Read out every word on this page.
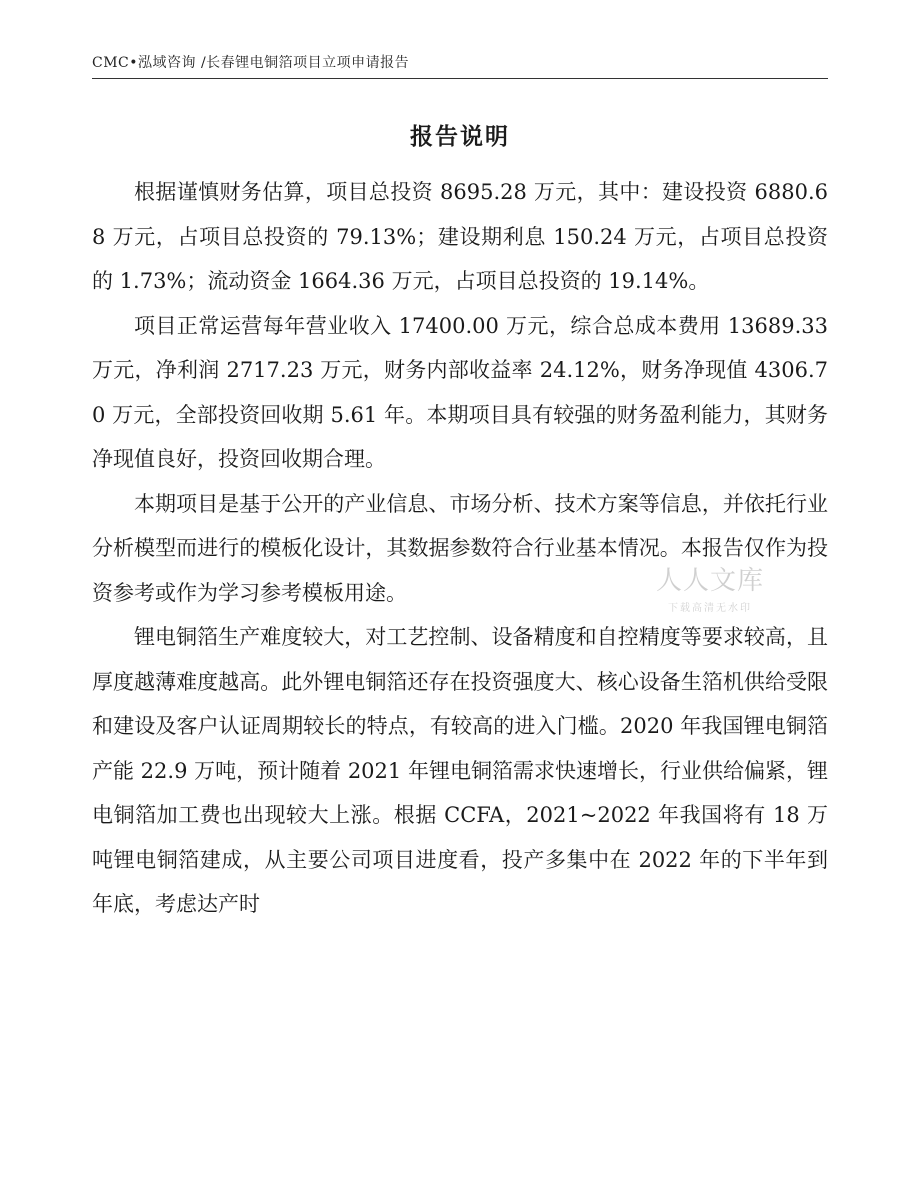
CMC•泓域咨询 /长春锂电铜箔项目立项申请报告
报告说明

根据谨慎财务估算，项目总投资 8695.28 万元，其中：建设投资 6880.68 万元，占项目总投资的 79.13%；建设期利息 150.24 万元，占项目总投资的 1.73%；流动资金 1664.36 万元，占项目总投资的 19.14%。

项目正常运营每年营业收入 17400.00 万元，综合总成本费用 13689.33 万元，净利润 2717.23 万元，财务内部收益率 24.12%，财务净现值 4306.70 万元，全部投资回收期 5.61 年。本期项目具有较强的财务盈利能力，其财务净现值良好，投资回收期合理。

本期项目是基于公开的产业信息、市场分析、技术方案等信息，并依托行业分析模型而进行的模板化设计，其数据参数符合行业基本情况。本报告仅作为投资参考或作为学习参考模板用途。

锂电铜箔生产难度较大，对工艺控制、设备精度和自控精度等要求较高，且厚度越薄难度越高。此外锂电铜箔还存在投资强度大、核心设备生箔机供给受限和建设及客户认证周期较长的特点，有较高的进入门槛。2020 年我国锂电铜箔产能 22.9 万吨，预计随着 2021 年锂电铜箔需求快速增长，行业供给偏紧，锂电铜箔加工费也出现较大上涨。根据 CCFA，2021~2022 年我国将有 18 万吨锂电铜箔建成，从主要公司项目进度看，投产多集中在 2022 年的下半年到年底，考虑达产时

人人文库
下载高清无水印
